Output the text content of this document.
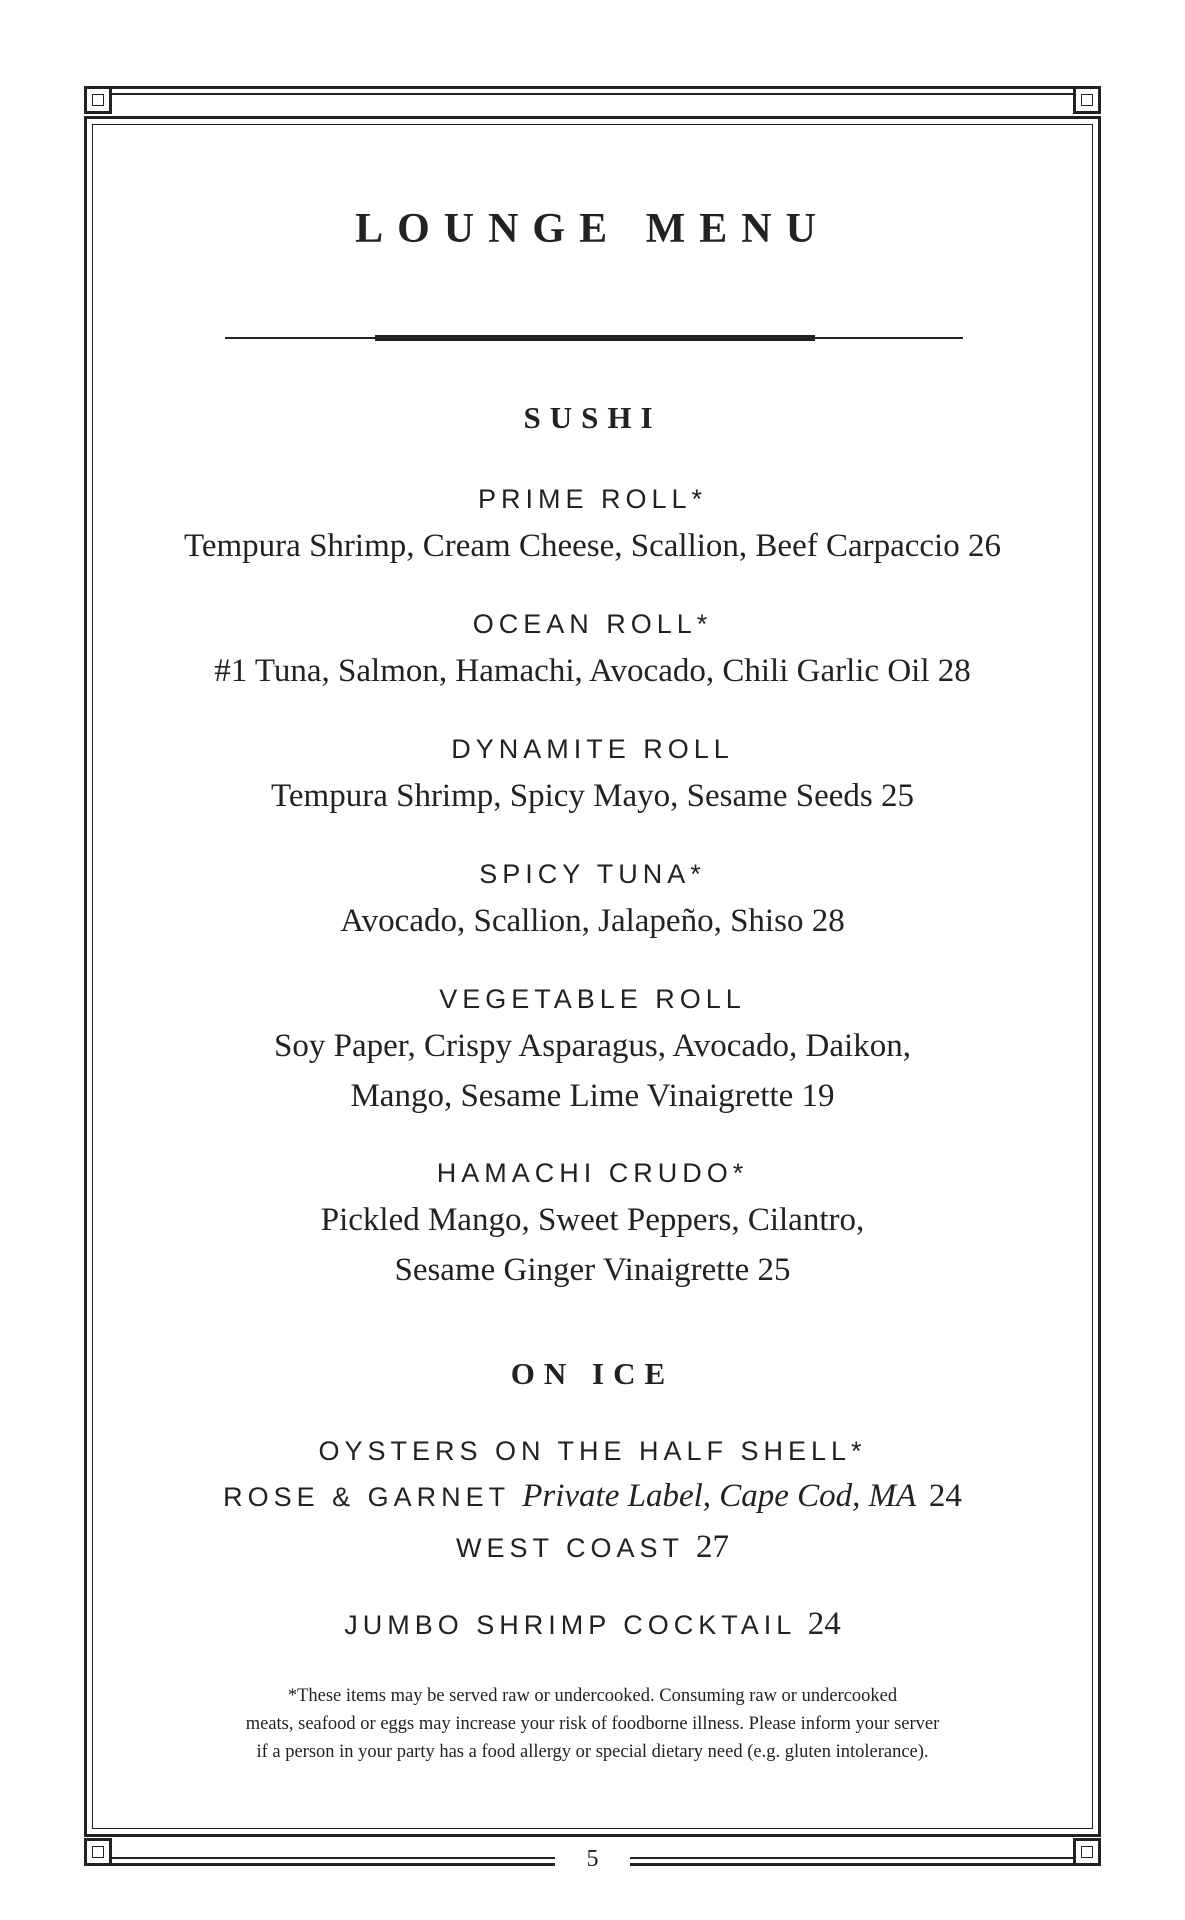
LOUNGE MENU
SUSHI
PRIME ROLL*
Tempura Shrimp, Cream Cheese, Scallion, Beef Carpaccio 26
OCEAN ROLL*
#1 Tuna, Salmon, Hamachi, Avocado, Chili Garlic Oil 28
DYNAMITE ROLL
Tempura Shrimp, Spicy Mayo, Sesame Seeds 25
SPICY TUNA*
Avocado, Scallion, Jalapeño, Shiso 28
VEGETABLE ROLL
Soy Paper, Crispy Asparagus, Avocado, Daikon,
Mango, Sesame Lime Vinaigrette 19
HAMACHI CRUDO*
Pickled Mango, Sweet Peppers, Cilantro,
Sesame Ginger Vinaigrette 25
ON ICE
OYSTERS ON THE HALF SHELL*
ROSE & GARNET Private Label, Cape Cod, MA 24
WEST COAST 27
JUMBO SHRIMP COCKTAIL 24
*These items may be served raw or undercooked. Consuming raw or undercooked
meats, seafood or eggs may increase your risk of foodborne illness. Please inform your server
if a person in your party has a food allergy or special dietary need (e.g. gluten intolerance).
5
